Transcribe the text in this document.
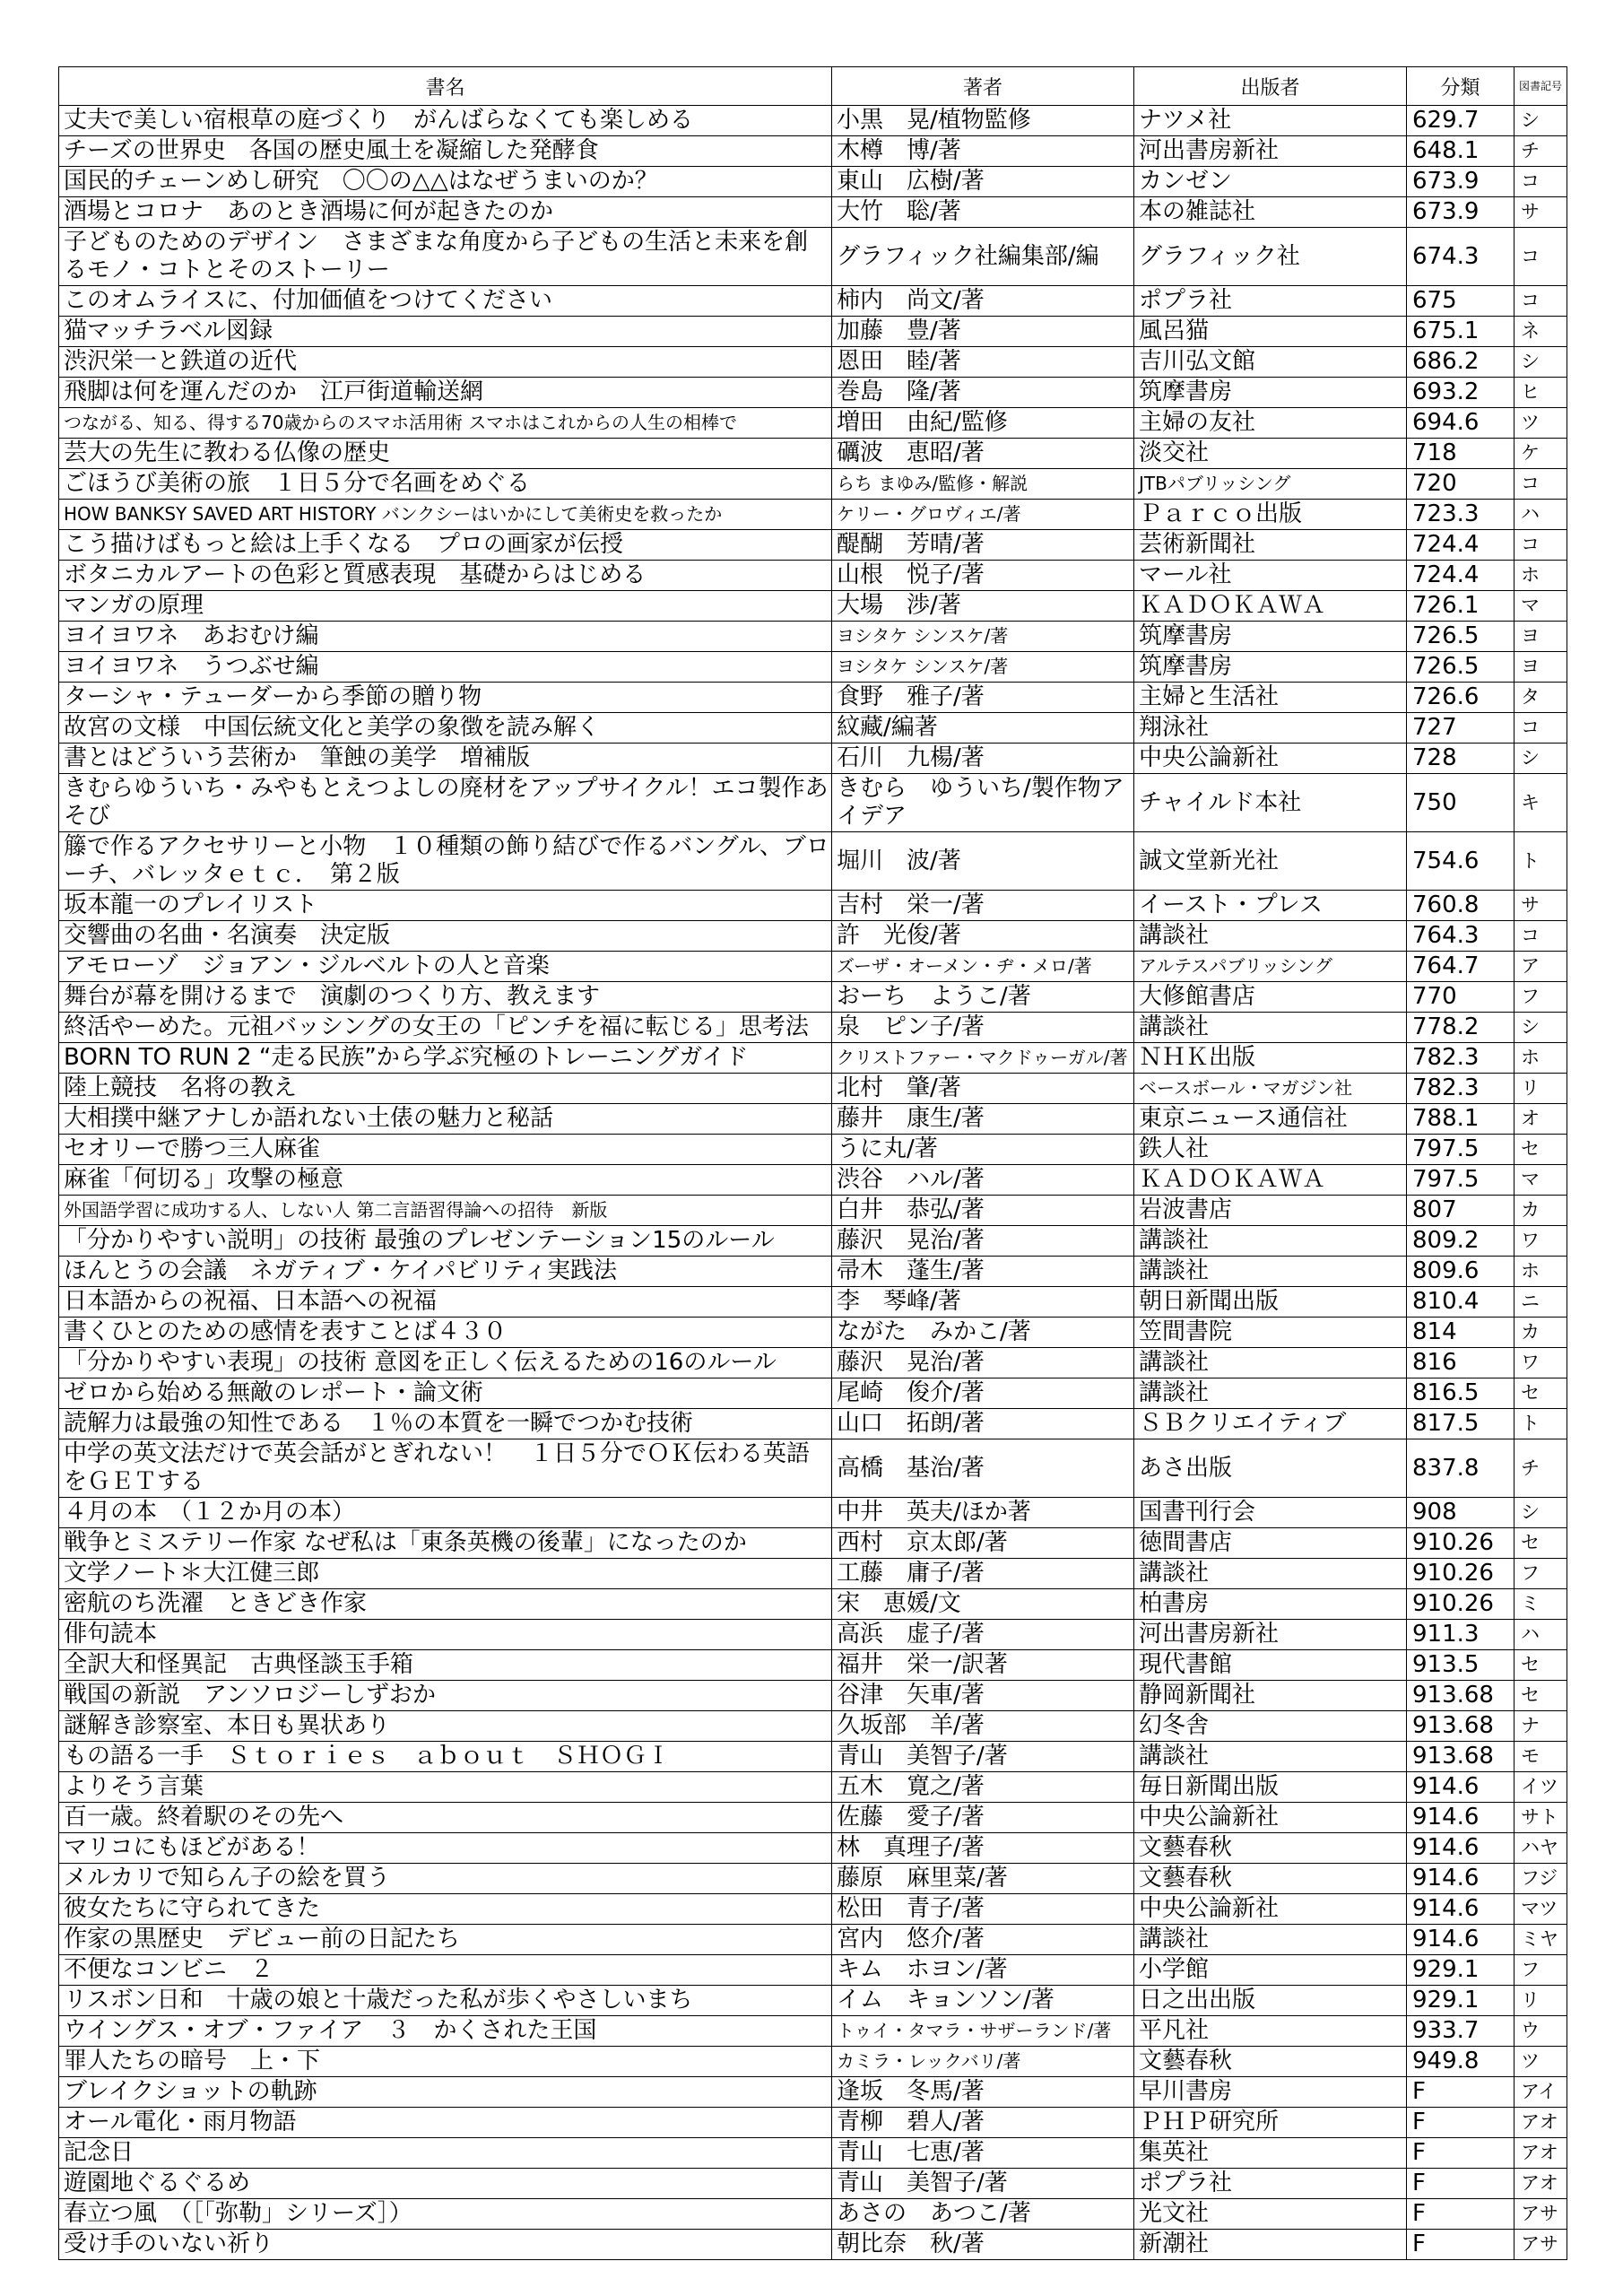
書名	著者	出版者	分類	図書記号
丈夫で美しい宿根草の庭づくり　がんばらなくても楽しめる	小黒　晃/植物監修	ナツメ社	629.7	シ
チーズの世界史　各国の歴史風土を凝縮した発酵食	木樽　博/著	河出書房新社	648.1	チ
国民的チェーンめし研究　〇〇の△△はなぜうまいのか？	東山　広樹/著	カンゼン	673.9	コ
酒場とコロナ　あのとき酒場に何が起きたのか	大竹　聡/著	本の雑誌社	673.9	サ
子どものためのデザイン　さまざまな角度から子どもの生活と未来を創るモノ・コトとそのストーリー	グラフィック社編集部/編	グラフィック社	674.3	コ
このオムライスに、付加価値をつけてください	柿内　尚文/著	ポプラ社	675	コ
猫マッチラベル図録	加藤　豊/著	風呂猫	675.1	ネ
渋沢栄一と鉄道の近代	恩田　睦/著	吉川弘文館	686.2	シ
飛脚は何を運んだのか　江戸街道輸送網	巻島　隆/著	筑摩書房	693.2	ヒ
つながる、知る、得する70歳からのスマホ活用術 スマホはこれからの人生の相棒で	増田　由紀/監修	主婦の友社	694.6	ツ
芸大の先生に教わる仏像の歴史	礪波　恵昭/著	淡交社	718	ケ
ごほうび美術の旅　１日５分で名画をめぐる	らち まゆみ/監修・解説	JTBパブリッシング	720	コ
HOW BANKSY SAVED ART HISTORY バンクシーはいかにして美術史を救ったか	ケリー・グロヴィエ/著	Ｐａｒｃｏ出版	723.3	ハ
こう描けばもっと絵は上手くなる　プロの画家が伝授	醍醐　芳晴/著	芸術新聞社	724.4	コ
ボタニカルアートの色彩と質感表現　基礎からはじめる	山根　悦子/著	マール社	724.4	ホ
マンガの原理	大場　渉/著	ＫＡＤＯＫＡＷＡ	726.1	マ
ヨイヨワネ　あおむけ編	ヨシタケ シンスケ/著	筑摩書房	726.5	ヨ
ヨイヨワネ　うつぶせ編	ヨシタケ シンスケ/著	筑摩書房	726.5	ヨ
ターシャ・テューダーから季節の贈り物	食野　雅子/著	主婦と生活社	726.6	タ
故宮の文様　中国伝統文化と美学の象徴を読み解く	紋藏/編著	翔泳社	727	コ
書とはどういう芸術か　筆蝕の美学　増補版	石川　九楊/著	中央公論新社	728	シ
きむらゆういち・みやもとえつよしの廃材をアップサイクル！エコ製作あそび	きむら　ゆういち/製作物アイデア	チャイルド本社	750	キ
籐で作るアクセサリーと小物　１０種類の飾り結びで作るバングル、ブローチ、バレッタｅｔｃ．　第２版	堀川　波/著	誠文堂新光社	754.6	ト
坂本龍一のプレイリスト	吉村　栄一/著	イースト・プレス	760.8	サ
交響曲の名曲・名演奏　決定版	許　光俊/著	講談社	764.3	コ
アモローゾ　ジョアン・ジルベルトの人と音楽	ズーザ・オーメン・ヂ・メロ/著	アルテスパブリッシング	764.7	ア
舞台が幕を開けるまで　演劇のつくり方、教えます	おーち　ようこ/著	大修館書店	770	フ
終活やーめた。元祖バッシングの女王の「ピンチを福に転じる」思考法	泉　ピン子/著	講談社	778.2	シ
BORN TO RUN 2 “走る民族”から学ぶ究極のトレーニングガイド	クリストファー・マクドゥーガル/著	ＮＨＫ出版	782.3	ホ
陸上競技　名将の教え	北村　肇/著	ベースボール・マガジン社	782.3	リ
大相撲中継アナしか語れない土俵の魅力と秘話	藤井　康生/著	東京ニュース通信社	788.1	オ
セオリーで勝つ三人麻雀	うに丸/著	鉄人社	797.5	セ
麻雀「何切る」攻撃の極意	渋谷　ハル/著	ＫＡＤＯＫＡＷＡ	797.5	マ
外国語学習に成功する人、しない人 第二言語習得論への招待　新版	白井　恭弘/著	岩波書店	807	カ
「分かりやすい説明」の技術 最強のプレゼンテーション15のルール	藤沢　晃治/著	講談社	809.2	ワ
ほんとうの会議　ネガティブ・ケイパビリティ実践法	帚木　蓬生/著	講談社	809.6	ホ
日本語からの祝福、日本語への祝福	李　琴峰/著	朝日新聞出版	810.4	ニ
書くひとのための感情を表すことば４３０	ながた　みかこ/著	笠間書院	814	カ
「分かりやすい表現」の技術 意図を正しく伝えるための16のルール	藤沢　晃治/著	講談社	816	ワ
ゼロから始める無敵のレポート・論文術	尾崎　俊介/著	講談社	816.5	セ
読解力は最強の知性である　１％の本質を一瞬でつかむ技術	山口　拓朗/著	ＳＢクリエイティブ	817.5	ト
中学の英文法だけで英会話がとぎれない！　１日５分でＯＫ伝わる英語をＧＥＴする	高橋　基治/著	あさ出版	837.8	チ
４月の本　（１２か月の本）	中井　英夫/ほか著	国書刊行会	908	シ
戦争とミステリー作家 なぜ私は「東条英機の後輩」になったのか	西村　京太郎/著	徳間書店	910.26	セ
文学ノート＊大江健三郎	工藤　庸子/著	講談社	910.26	フ
密航のち洗濯　ときどき作家	宋　恵媛/文	柏書房	910.26	ミ
俳句読本	高浜　虚子/著	河出書房新社	911.3	ハ
全訳大和怪異記　古典怪談玉手箱	福井　栄一/訳著	現代書館	913.5	セ
戦国の新説　アンソロジーしずおか	谷津　矢車/著	静岡新聞社	913.68	セ
謎解き診察室、本日も異状あり	久坂部　羊/著	幻冬舎	913.68	ナ
もの語る一手　Ｓｔｏｒｉｅｓ　ａｂｏｕｔ　ＳＨＯＧＩ	青山　美智子/著	講談社	913.68	モ
よりそう言葉	五木　寛之/著	毎日新聞出版	914.6	イツ
百一歳。終着駅のその先へ	佐藤　愛子/著	中央公論新社	914.6	サト
マリコにもほどがある！	林　真理子/著	文藝春秋	914.6	ハヤ
メルカリで知らん子の絵を買う	藤原　麻里菜/著	文藝春秋	914.6	フジ
彼女たちに守られてきた	松田　青子/著	中央公論新社	914.6	マツ
作家の黒歴史　デビュー前の日記たち	宮内　悠介/著	講談社	914.6	ミヤ
不便なコンビニ　２	キム　ホヨン/著	小学館	929.1	フ
リスボン日和　十歳の娘と十歳だった私が歩くやさしいまち	イム　キョンソン/著	日之出出版	929.1	リ
ウイングス・オブ・ファイア　３　かくされた王国	トゥイ・タマラ・サザーランド/著	平凡社	933.7	ウ
罪人たちの暗号　上・下	カミラ・レックバリ/著	文藝春秋	949.8	ツ
ブレイクショットの軌跡	逢坂　冬馬/著	早川書房	F	アイ
オール電化・雨月物語	青柳　碧人/著	ＰＨＰ研究所	F	アオ
記念日	青山　七恵/著	集英社	F	アオ
遊園地ぐるぐるめ	青山　美智子/著	ポプラ社	F	アオ
春立つ風　（［「弥勒」シリーズ］）	あさの　あつこ/著	光文社	F	アサ
受け手のいない祈り	朝比奈　秋/著	新潮社	F	アサ
